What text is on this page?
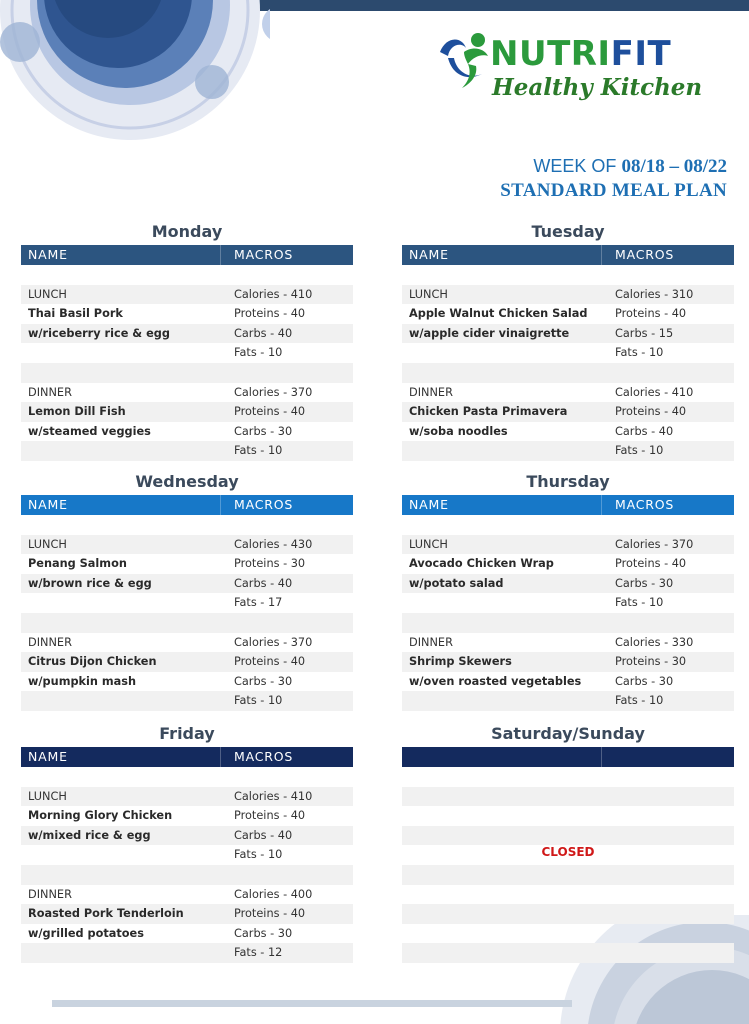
NUTRIFIT
Healthy Kitchen
WEEK OF 08/18 – 08/22
STANDARD MEAL PLAN
Monday
NAME	MACROS
LUNCH	Calories - 410
Thai Basil Pork	Proteins - 40
w/riceberry rice & egg	Carbs - 40
Fats - 10
DINNER	Calories - 370
Lemon Dill Fish	Proteins - 40
w/steamed veggies	Carbs - 30
Fats - 10
Tuesday
NAME	MACROS
LUNCH	Calories - 310
Apple Walnut Chicken Salad	Proteins - 40
w/apple cider vinaigrette	Carbs - 15
Fats - 10
DINNER	Calories - 410
Chicken Pasta Primavera	Proteins - 40
w/soba noodles	Carbs - 40
Fats - 10
Wednesday
NAME	MACROS
LUNCH	Calories - 430
Penang Salmon	Proteins - 30
w/brown rice & egg	Carbs - 40
Fats - 17
DINNER	Calories - 370
Citrus Dijon Chicken	Proteins - 40
w/pumpkin mash	Carbs - 30
Fats - 10
Thursday
NAME	MACROS
LUNCH	Calories - 370
Avocado Chicken Wrap	Proteins - 40
w/potato salad	Carbs - 30
Fats - 10
DINNER	Calories - 330
Shrimp Skewers	Proteins - 30
w/oven roasted vegetables	Carbs - 30
Fats - 10
Friday
NAME	MACROS
LUNCH	Calories - 410
Morning Glory Chicken	Proteins - 40
w/mixed rice & egg	Carbs - 40
Fats - 10
DINNER	Calories - 400
Roasted Pork Tenderloin	Proteins - 40
w/grilled potatoes	Carbs - 30
Fats - 12
Saturday/Sunday
CLOSED
